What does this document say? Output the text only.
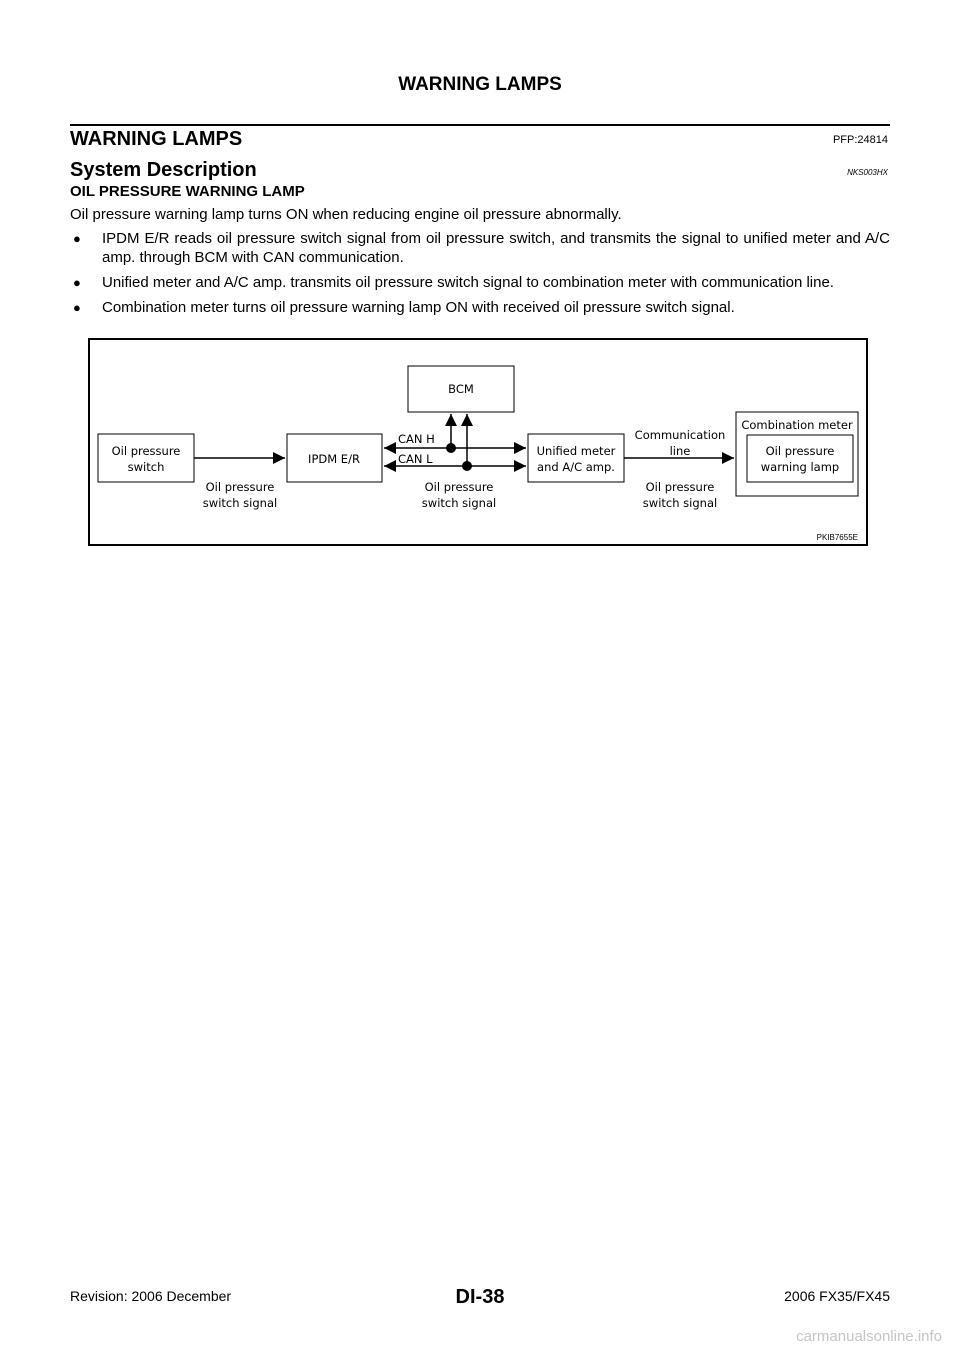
WARNING LAMPS
WARNING LAMPS	PFP:24814
System Description	NKS003HX
OIL PRESSURE WARNING LAMP
Oil pressure warning lamp turns ON when reducing engine oil pressure abnormally.
● IPDM E/R reads oil pressure switch signal from oil pressure switch, and transmits the signal to unified meter and A/C amp. through BCM with CAN communication.
● Unified meter and A/C amp. transmits oil pressure switch signal to combination meter with communication line.
● Combination meter turns oil pressure warning lamp ON with received oil pressure switch signal.
Oil pressure
switch
IPDM E/R
BCM
Unified meter
and A/C amp.
Combination meter
Oil pressure
warning lamp
Oil pressure
switch signal
Oil pressure
switch signal
Oil pressure
switch signal
Communication
line
CAN H
CAN L
PKIB7655E
DI-38
Revision: 2006 December	2006 FX35/FX45
carmanualsonline.info
